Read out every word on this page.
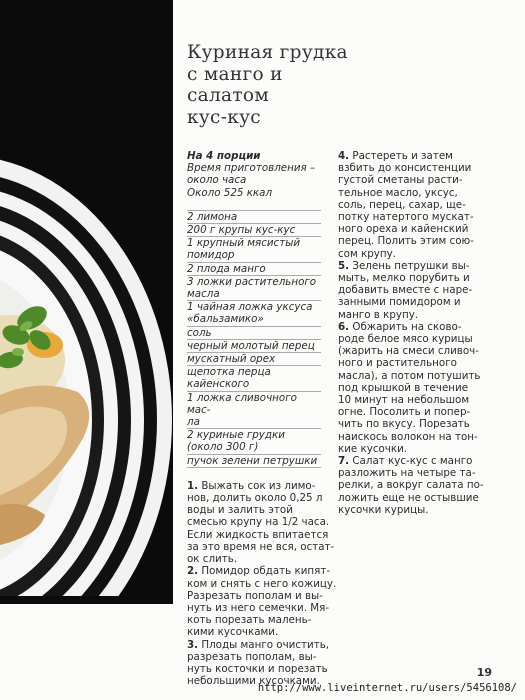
Куриная грудка
с манго и
салатом
кус-кус
На 4 порции
Время приготовления –
около часа
Около 525 ккал
2 лимона
200 г крупы кус-кус
1 крупный мясистый
помидор
2 плода манго
3 ложки растительного
масла
1 чайная ложка уксуса
«бальзамико»
соль
черный молотый перец
мускатный орех
щепотка перца
кайенского
1 ложка сливочного мас-
ла
2 куриные грудки
(около 300 г)
пучок зелени петрушки
1. Выжать сок из лимо-
нов, долить около 0,25 л
воды и залить этой
смесью крупу на 1/2 часа.
Если жидкость впитается
за это время не вся, остат-
ок слить.
2. Помидор обдать кипят-
ком и снять с него кожицу.
Разрезать пополам и вы-
нуть из него семечки. Мя-
коть порезать малень-
кими кусочками.
3. Плоды манго очистить,
разрезать пополам, вы-
нуть косточки и порезать
небольшими кусочками.
4. Растереть и затем
взбить до консистенции
густой сметаны расти-
тельное масло, уксус,
соль, перец, сахар, ще-
потку натертого мускат-
ного ореха и кайенский
перец. Полить этим сою-
сом крупу.
5. Зелень петрушки вы-
мыть, мелко порубить и
добавить вместе с наре-
занными помидором и
манго в крупу.
6. Обжарить на сково-
роде белое мясо курицы
(жарить на смеси сливоч-
ного и растительного
масла), а потом потушить
под крышкой в течение
10 минут на небольшом
огне. Посолить и попер-
чить по вкусу. Порезать
наискось волокон на тон-
кие кусочки.
7. Салат кус-кус с манго
разложить на четыре та-
релки, а вокруг салата по-
ложить еще не остывшие
кусочки курицы.
19
http://www.liveinternet.ru/users/5456108/
